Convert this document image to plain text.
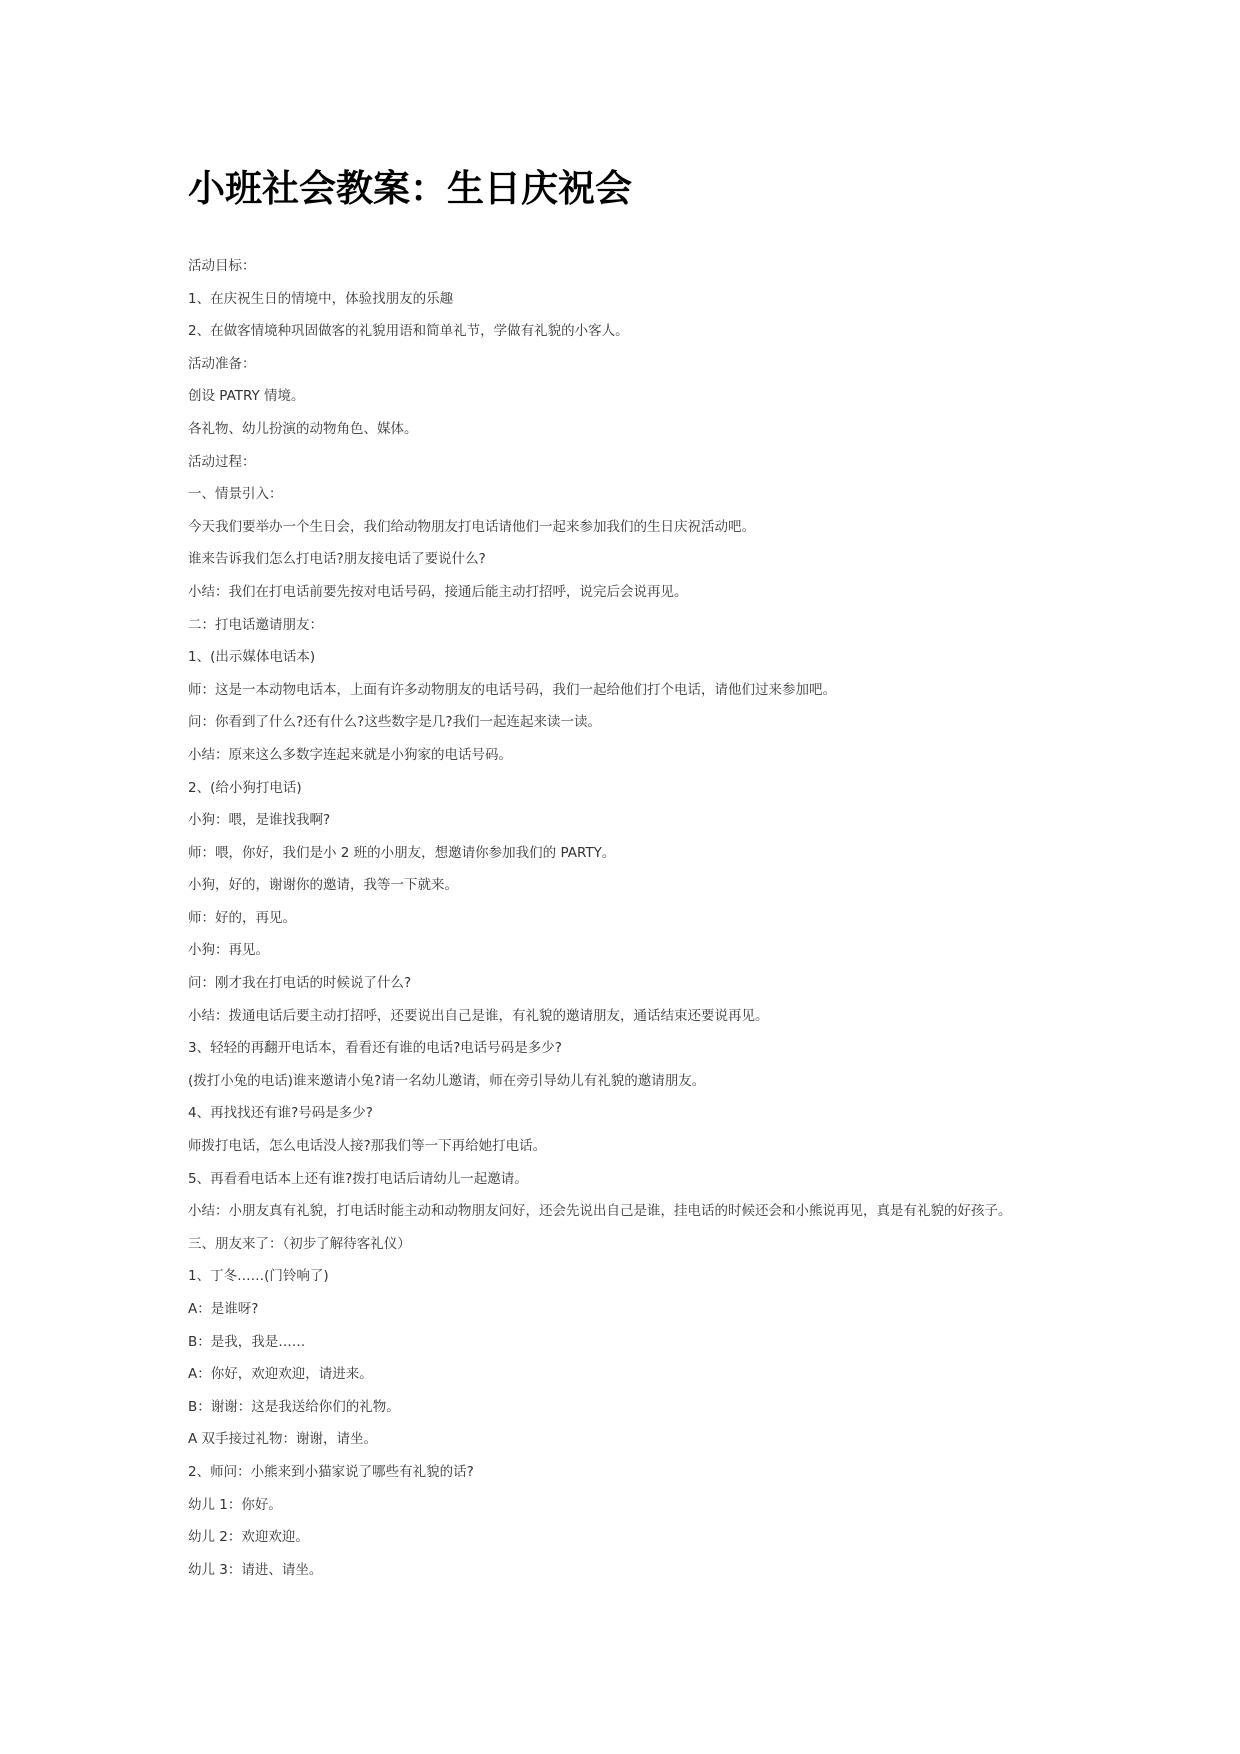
小班社会教案：生日庆祝会

活动目标：

1、在庆祝生日的情境中，体验找朋友的乐趣

2、在做客情境种巩固做客的礼貌用语和简单礼节，学做有礼貌的小客人。

活动准备：

创设 PATRY 情境。

各礼物、幼儿扮演的动物角色、媒体。

活动过程：

一、情景引入：

今天我们要举办一个生日会，我们给动物朋友打电话请他们一起来参加我们的生日庆祝活动吧。

谁来告诉我们怎么打电话?朋友接电话了要说什么?

小结：我们在打电话前要先按对电话号码，接通后能主动打招呼，说完后会说再见。

二：打电话邀请朋友：

1、(出示媒体电话本)

师：这是一本动物电话本，上面有许多动物朋友的电话号码，我们一起给他们打个电话，请他们过来参加吧。

问：你看到了什么?还有什么?这些数字是几?我们一起连起来读一读。

小结：原来这么多数字连起来就是小狗家的电话号码。

2、(给小狗打电话)

小狗：喂，是谁找我啊?

师：喂，你好，我们是小 2 班的小朋友，想邀请你参加我们的 PARTY。

小狗，好的，谢谢你的邀请，我等一下就来。

师：好的，再见。

小狗：再见。

问：刚才我在打电话的时候说了什么?

小结：拨通电话后要主动打招呼，还要说出自己是谁，有礼貌的邀请朋友，通话结束还要说再见。

3、轻轻的再翻开电话本，看看还有谁的电话?电话号码是多少?

(拨打小兔的电话)谁来邀请小兔?请一名幼儿邀请，师在旁引导幼儿有礼貌的邀请朋友。

4、再找找还有谁?号码是多少?

师拨打电话，怎么电话没人接?那我们等一下再给她打电话。

5、再看看电话本上还有谁?拨打电话后请幼儿一起邀请。

小结：小朋友真有礼貌，打电话时能主动和动物朋友问好，还会先说出自己是谁，挂电话的时候还会和小熊说再见，真是有礼貌的好孩子。

三、朋友来了：（初步了解待客礼仪）

1、丁冬……(门铃响了)

A：是谁呀?

B：是我，我是……

A：你好，欢迎欢迎，请进来。

B：谢谢：这是我送给你们的礼物。

A 双手接过礼物：谢谢，请坐。

2、师问：小熊来到小猫家说了哪些有礼貌的话?

幼儿 1：你好。

幼儿 2：欢迎欢迎。

幼儿 3：请进、请坐。
